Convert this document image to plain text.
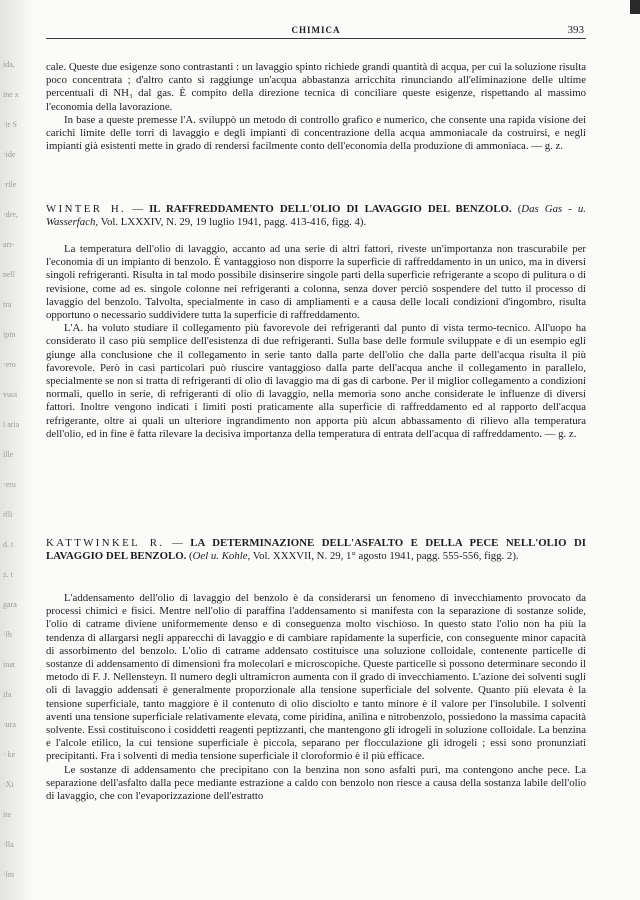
CHIMICA	393

cale. Queste due esigenze sono contrastanti : un lavaggio spinto richiede grandi quantità di acqua, per cui la soluzione risulta poco concentrata ; d'altro canto si raggiunge un'acqua abbastanza arricchita rinunciando all'eliminazione delle ultime percentuali di NH₃ dal gas. È compito della direzione tecnica di conciliare queste esigenze, rispettando al massimo l'economia della lavorazione.

In base a queste premesse l'A. sviluppò un metodo di controllo grafico e numerico, che consente una rapida visione dei carichi limite delle torri di lavaggio e degli impianti di concentrazione della acqua ammoniacale da costruirsi, e negli impianti già esistenti mette in grado di rendersi facilmente conto dell'economia della produzione di ammoniaca. — g. z.

WINTER H. — IL RAFFREDDAMENTO DELL'OLIO DI LAVAGGIO DEL BENZOLO. (Das Gas - u. Wasserfach, Vol. LXXXIV, N. 29, 19 luglio 1941, pagg. 413-416, figg. 4).

La temperatura dell'olio di lavaggio, accanto ad una serie di altri fattori, riveste un'importanza non trascurabile per l'economia di un impianto di benzolo. È vantaggioso non disporre la superficie di raffreddamento in un unico, ma in diversi singoli refrigeranti. Risulta in tal modo possibile disinserire singole parti della superficie refrigerante a scopo di pulitura o di revisione, come ad es. singole colonne nei refrigeranti a colonna, senza dover perciò sospendere del tutto il processo di lavaggio del benzolo. Talvolta, specialmente in caso di ampliamenti e a causa delle locali condizioni d'ingombro, risulta opportuno o necessario suddividere tutta la superficie di raffreddamento.

L'A. ha voluto studiare il collegamento più favorevole dei refrigeranti dal punto di vista termo-tecnico. All'uopo ha considerato il caso più semplice dell'esistenza di due refrigeranti. Sulla base delle formule sviluppate e di un esempio egli giunge alla conclusione che il collegamento in serie tanto dalla parte dell'olio che dalla parte dell'acqua risulta il più favorevole. Però in casi particolari può riuscire vantaggioso dalla parte dell'acqua anche il collegamento in parallelo, specialmente se non si tratta di refrigeranti di olio di lavaggio ma di gas di carbone. Per il miglior collegamento a condizioni normali, quello in serie, di refrigeranti di olio di lavaggio, nella memoria sono anche considerate le influenze di diversi fattori. Inoltre vengono indicati i limiti posti praticamente alla superficie di raffreddamento ed al rapporto dell'acqua refrigerante, oltre ai quali un ulteriore ingrandimento non apporta più alcun abbassamento di rilievo alla temperatura dell'olio, ed in fine è fatta rilevare la decisiva importanza della temperatura di entrata dell'acqua di raffreddamento. — g. z.

KATTWINKEL R. — LA DETERMINAZIONE DELL'ASFALTO E DELLA PECE NELL'OLIO DI LAVAGGIO DEL BENZOLO. (Oel u. Kohle, Vol. XXXVII, N. 29, 1° agosto 1941, pagg. 555-556, figg. 2).

L'addensamento dell'olio di lavaggio del benzolo è da considerarsi un fenomeno di invecchiamento provocato da processi chimici e fisici. Mentre nell'olio di paraffina l'addensamento si manifesta con la separazione di sostanze solide, l'olio di catrame diviene uniformemente denso e di conseguenza molto vischioso. In questo stato l'olio non ha più la tendenza di allargarsi negli apparecchi di lavaggio e di cambiare rapidamente la superficie, con conseguente minor capacità di assorbimento del benzolo. L'olio di catrame addensato costituisce una soluzione colloidale, contenente particelle di sostanze di addensamento di dimensioni fra molecolari e microscopiche. Queste particelle si possono determinare secondo il metodo di F. J. Nellensteyn. Il numero degli ultramicron aumenta con il grado di invecchiamento. L'azione dei solventi sugli oli di lavaggio addensati è generalmente proporzionale alla tensione superficiale del solvente. Quanto più elevata è la tensione superficiale, tanto maggiore è il contenuto di olio disciolto e tanto minore è il valore per l'insolubile. I solventi aventi una tensione superficiale relativamente elevata, come piridina, anilina e nitrobenzolo, possiedono la massima capacità solvente. Essi costituiscono i cosiddetti reagenti peptizzanti, che mantengono gli idrogeli in soluzione colloidale. La benzina e l'alcole etilico, la cui tensione superficiale è piccola, separano per flocculazione gli idrogeli ; essi sono pronunziati precipitanti. Fra i solventi di media tensione superficiale il cloroformio è il più efficace.

Le sostanze di addensamento che precipitano con la benzina non sono asfalti puri, ma contengono anche pece. La separazione dell'asfalto dalla pece mediante estrazione a caldo con benzolo non riesce a causa della sostanza labile dell'olio di lavaggio, che con l'evaporizzazione dell'estratto

ida,
ine x
·ir S
·ide
·rile
·dre,
arr-
nell
tra
ipin
·ero
vuoi
i aria
ille
·eru
rlli
d. t
z. t
gara
·lh
inat
ifa
·ura
· ke
·Xi
ite
·lla
·lm
